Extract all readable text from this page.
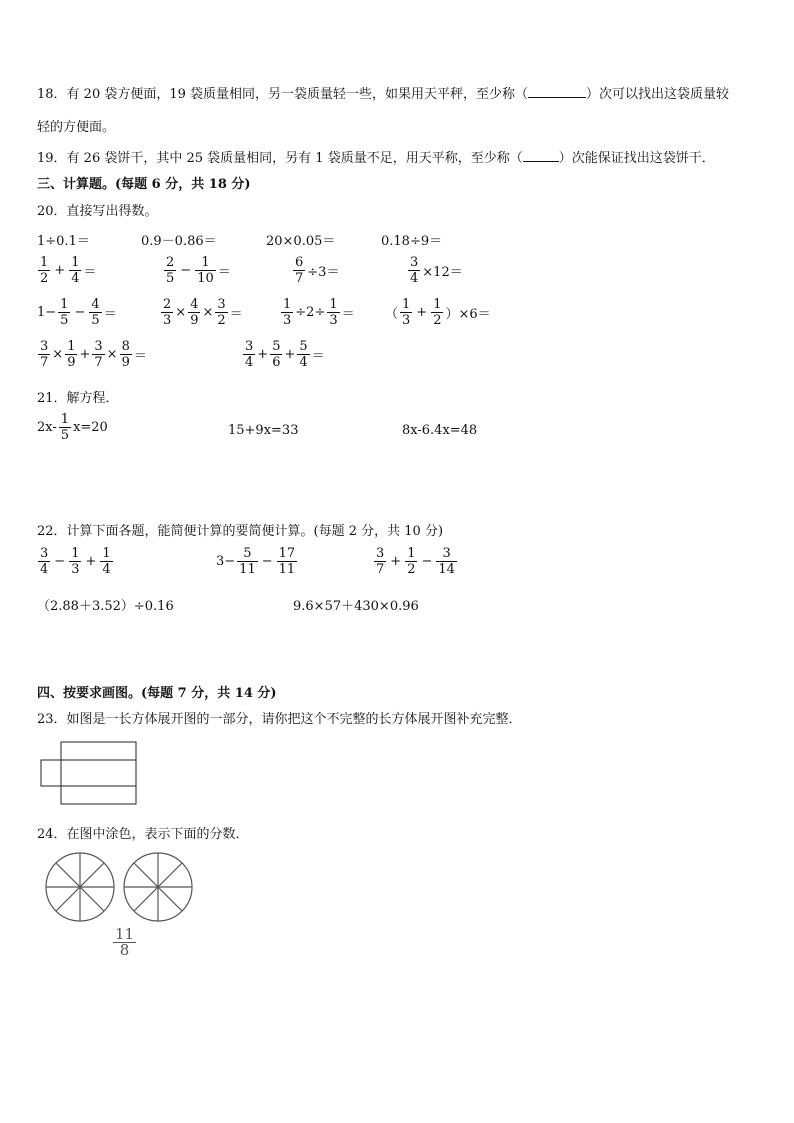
18．有 20 袋方便面，19 袋质量相同，另一袋质量轻一些，如果用天平秤，至少称（	）次可以找出这袋质量较
轻的方便面。
19．有 26 袋饼干，其中 25 袋质量相同，另有 1 袋质量不足，用天平称，至少称（	）次能保证找出这袋饼干．
三、计算题。(每题 6 分，共 18 分)
20．直接写出得数。
1÷0.1＝	0.9－0.86＝	20×0.05＝	0.18÷9＝
$\frac{1}{2} + \frac{1}{4}$ ＝	$\frac{2}{5} - \frac{1}{10}$ ＝	$\frac{6}{7} \div 3=$	$\frac{3}{4} \times 12=$
$1- \frac{1}{5} - \frac{4}{5}$ ＝	$\frac{2}{3} \times \frac{4}{9} \times \frac{3}{2}$ ＝	$\frac{1}{3} \div 2\div \frac{1}{3}$ ＝ （ $\frac{1}{3} + \frac{1}{2} )\times 6=$
$\frac{3}{7} \times \frac{1}{9} + \frac{3}{7} \times \frac{8}{9}$ ＝	$\frac{3}{4} + \frac{5}{6} + \frac{5}{4}$ ＝
21．解方程．
$2x- \frac{1}{5} x=20$	15+9x=33	8x-6.4x=48
22．计算下面各题，能简便计算的要简便计算。(每题 2 分，共 10 分)
$\frac{3}{4} - \frac{1}{3} + \frac{1}{4}$	$3- \frac{5}{11} - \frac{17}{11}$	$\frac{3}{7} + \frac{1}{2} - \frac{3}{14}$
（2.88＋3.52）÷0.16	9.6×57＋430×0.96
四、按要求画图。(每题 7 分，共 14 分)
23．如图是一长方体展开图的一部分，请你把这个不完整的长方体展开图补充完整．
24．在图中涂色，表示下面的分数．
$\frac{11}{8}$
